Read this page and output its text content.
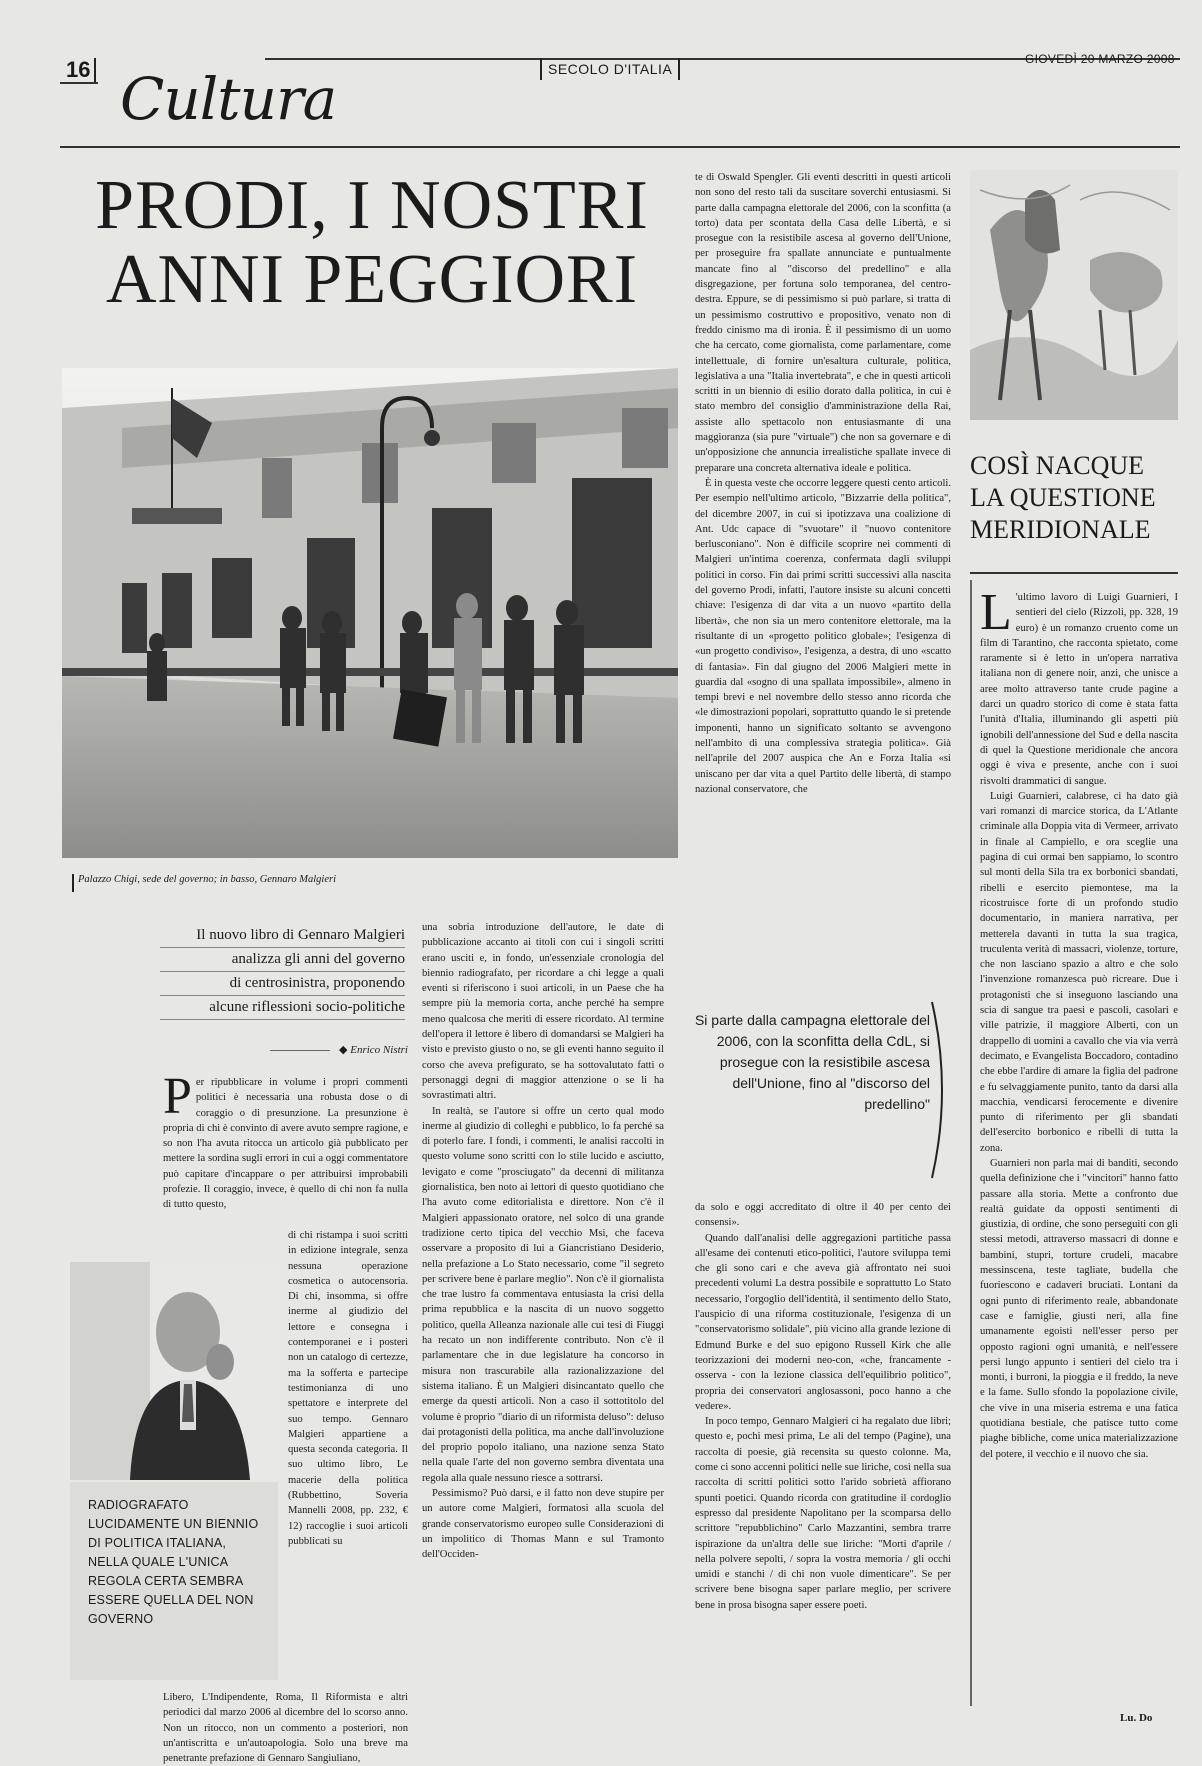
16 Cultura	SECOLO D'ITALIA
GIOVEDÌ 20 MARZO 2008
PRODI, I NOSTRI
ANNI PEGGIORI
Palazzo Chigi, sede del governo; in basso, Gennaro Malgieri
Il nuovo libro di Gennaro Malgieri
analizza gli anni del governo
di centrosinistra, proponendo
alcune riflessioni socio-politiche
◆ Enrico Nistri
P er ripubblicare in volume i propri commenti politici è necessaria una robusta dose o di coraggio o di presunzione. La presunzione è propria di chi è convinto di avere avuto sempre ragione, e so non l'ha avuta ritocca un articolo già pubblicato per mettere la sordina sugli errori in cui a oggi commentatore può capitare d'incappare o per attribuirsi improbabili profezie. Il coraggio, invece, è quello di chi non fa nulla di tutto questo,
di chi ristampa i suoi scritti in edizione integrale, senza nessuna operazione cosmetica o autocensoria. Di chi, insomma, si offre inerme al giudizio del lettore e consegna i contemporanei e i posteri non un catalogo di certezze, ma la sofferta e partecipe testimonianza di uno spettatore e interprete del suo tempo. Gennaro Malgieri appartiene a questa seconda categoria. Il suo ultimo libro, Le macerie della politica (Rubbettino, Soveria Mannelli 2008, pp. 232, € 12) raccoglie i suoi articoli pubblicati su
RADIOGRAFATO LUCIDAMENTE UN BIENNIO DI POLITICA ITALIANA, NELLA QUALE L'UNICA REGOLA CERTA SEMBRA ESSERE QUELLA DEL NON GOVERNO
Libero, L'Indipendente, Roma, Il Riformista e altri periodici dal marzo 2006 al dicembre del lo scorso anno. Non un ritocco, non un commento a posteriori, non un'antiscritta e un'autoapologia. Solo una breve ma penetrante prefazione di Gennaro Sangiuliano,

una sobria introduzione dell'autore, le date di pubblicazione accanto ai titoli con cui i singoli scritti erano usciti e, in fondo, un'essenziale cronologia del biennio radiografato, per ricordare a chi legge a quali eventi si riferiscono i suoi articoli, in un Paese che ha sempre più la memoria corta, anche perché ha sempre meno qualcosa che meriti di essere ricordato. Al termine dell'opera il lettore è libero di domandarsi se Malgieri ha visto e previsto giusto o no, se gli eventi hanno seguito il corso che aveva prefigurato, se ha sottovalutato fatti o personaggi degni di maggior attenzione o se li ha sovrastimati altri.

In realtà, se l'autore si offre un certo qual modo inerme al giudizio di colleghi e pubblico, lo fa perché sa di poterlo fare. I fondi, i commenti, le analisi raccolti in questo volume sono scritti con lo stile lucido e asciutto, levigato e come "prosciugato" da decenni di militanza giornalistica, ben noto ai lettori di questo quotidiano che l'ha avuto come editorialista e direttore. Non c'è il Malgieri appassionato oratore, nel solco di una grande tradizione certo tipica del vecchio Msi, che faceva osservare a proposito di lui a Giancristiano Desiderio, nella prefazione a Lo Stato necessario, come "il segreto per scrivere bene è parlare meglio". Non c'è il giornalista che trae lustro fa commentava entusiasta la crisi della prima repubblica e la nascita di un nuovo soggetto politico, quella Alleanza nazionale alle cui tesi di Fiuggi ha recato un non indifferente contributo. Non c'è il parlamentare che in due legislature ha concorso in misura non trascurabile alla razionalizzazione del sistema italiano. È un Malgieri disincantato quello che emerge da questi articoli. Non a caso il sottotitolo del volume è proprio "diario di un riformista deluso": deluso dai protagonisti della politica, ma anche dall'involuzione del proprio popolo italiano, una nazione senza Stato nella quale l'arte del non governo sembra diventata una regola alla quale nessuno riesce a sottrarsi.

Pessimismo? Può darsi, e il fatto non deve stupire per un autore come Malgieri, formatosi alla scuola del grande conservatorismo europeo sulle Considerazioni di un impolitico di Thomas Mann e sul Tramonto dell'Occiden-

te di Oswald Spengler. Gli eventi descritti in questi articoli non sono del resto tali da suscitare soverchi entusiasmi. Si parte dalla campagna elettorale del 2006, con la sconfitta (a torto) data per scontata della Casa delle Libertà, e si prosegue con la resistibile ascesa al governo dell'Unione, per proseguire fra spallate annunciate e puntualmente mancate fino al "discorso del predellino" e alla disgregazione, per fortuna solo temporanea, del centro-destra. Eppure, se di pessimismo si può parlare, si tratta di un pessimismo costruttivo e propositivo, venato non di freddo cinismo ma di ironia. È il pessimismo di un uomo che ha cercato, come giornalista, come parlamentare, come intellettuale, di fornire un'esaltura culturale, politica, legislativa a una "Italia invertebrata", e che in questi articoli scritti in un biennio di esilio dorato dalla politica, in cui è stato membro del consiglio d'amministrazione della Rai, assiste allo spettacolo non entusiasmante di una maggioranza (sia pure "virtuale") che non sa governare e di un'opposizione che annuncia irrealistiche spallate invece di preparare una concreta alternativa ideale e politica.

È in questa veste che occorre leggere questi cento articoli. Per esempio nell'ultimo articolo, "Bizzarrie della politica", del dicembre 2007, in cui si ipotizzava una coalizione di Ant. Udc capace di "svuotare" il "nuovo contenitore berlusconiano". Non è difficile scoprire nei commenti di Malgieri un'intima coerenza, confermata dagli sviluppi politici in corso. Fin dai primi scritti successivi alla nascita del governo Prodi, infatti, l'autore insiste su alcuni concetti chiave: l'esigenza di dar vita a un nuovo «partito della libertà», che non sia un mero contenitore elettorale, ma la risultante di un «progetto politico globale»; l'esigenza di «un progetto condiviso», l'esigenza, a destra, di uno «scatto di fantasia». Fin dal giugno del 2006 Malgieri mette in guardia dal «sogno di una spallata impossibile», almeno in tempi brevi e nel novembre dello stesso anno ricorda che «le dimostrazioni popolari, soprattutto quando le si pretende imponenti, hanno un significato soltanto se avvengono nell'ambito di una complessiva strategia politica». Già nell'aprile del 2007 auspica che An e Forza Italia «si uniscano per dar vita a quel Partito delle libertà, di stampo nazional conservatore, che

Si parte dalla campagna elettorale del 2006, con la sconfitta della CdL, si prosegue con la resistibile ascesa dell'Unione, fino al "discorso del predellino"

da solo e oggi accreditato di oltre il 40 per cento dei consensi».

Quando dall'analisi delle aggregazioni partitiche passa all'esame dei contenuti etico-politici, l'autore sviluppa temi che gli sono cari e che aveva già affrontato nei suoi precedenti volumi La destra possibile e soprattutto Lo Stato necessario, l'orgoglio dell'identità, il sentimento dello Stato, l'auspicio di una riforma costituzionale, l'esigenza di un "conservatorismo solidale", più vicino alla grande lezione di Edmund Burke e del suo epigono Russell Kirk che alle teorizzazioni dei moderni neo-con, «che, francamente - osserva - con la lezione classica dell'equilibrio politico", propria dei conservatori anglosassoni, poco hanno a che vedere».

In poco tempo, Gennaro Malgieri ci ha regalato due libri; questo e, pochi mesi prima, Le ali del tempo (Pagine), una raccolta di poesie, già recensita su questo colonne. Ma, come ci sono accenni politici nelle sue liriche, così nella sua raccolta di scritti politici sotto l'arido sobrietà affiorano spunti poetici. Quando ricorda con gratitudine il cordoglio espresso dal presidente Napolitano per la scomparsa dello scrittore "repubblichino" Carlo Mazzantini, sembra trarre ispirazione da un'altra delle sue liriche: "Morti d'aprile / nella polvere sepolti, / sopra la vostra memoria / gli occhi umidi e stanchi / di chi non vuole dimenticare". Se per scrivere bene bisogna saper parlare meglio, per scrivere bene in prosa bisogna saper essere poeti.

COSÌ NACQUE
LA QUESTIONE
MERIDIONALE

L 'ultimo lavoro di Luigi Guarnieri, I sentieri del cielo (Rizzoli, pp. 328, 19 euro) è un romanzo cruento come un film di Tarantino, che racconta spietato, come raramente si è letto in un'opera narrativa italiana non di genere noir, anzi, che unisce a aree molto attraverso tante crude pagine a darci un quadro storico di come è stata fatta l'unità d'Italia, illuminando gli aspetti più ignobili dell'annessione del Sud e della nascita di quel la Questione meridionale che ancora oggi è viva e presente, anche con i suoi risvolti drammatici di sangue.

Luigi Guarnieri, calabrese, ci ha dato già vari romanzi di marcice storica, da L'Atlante criminale alla Doppia vita di Vermeer, arrivato in finale al Campiello, e ora sceglie una pagina di cui ormai ben sappiamo, lo scontro sul monti della Sila tra ex borbonici sbandati, ribelli e esercito piemontese, ma la ricostruisce forte di un profondo studio documentario, in maniera narrativa, per metterela davanti in tutta la sua tragica, truculenta verità di massacri, violenze, torture, che non lasciano spazio a altro e che solo l'invenzione romanzesca può ricreare. Due i protagonisti che si inseguono lasciando una scia di sangue tra paesi e pascoli, casolari e ville patrizie, il maggiore Alberti, con un drappello di uomini a cavallo che via via verrà decimato, e Evangelista Boccadoro, contadino che ebbe l'ardire di amare la figlia del padrone e fu selvaggiamente punito, tanto da darsi alla macchia, vendicarsi ferocemente e divenire punto di riferimento per gli sbandati dell'esercito borbonico e ribelli di tutta la zona.

Guarnieri non parla mai di banditi, secondo quella definizione che i "vincitori" hanno fatto passare alla storia. Mette a confronto due realtà guidate da opposti sentimenti di giustizia, di ordine, che sono perseguiti con gli stessi metodi, attraverso massacri di donne e bambini, stupri, torture crudeli, macabre messinscena, teste tagliate, budella che fuoriescono e cadaveri bruciati. Lontani da ogni punto di riferimento reale, abbandonate case e famiglie, giusti neri, alla fine umanamente egoisti nell'esser perso per opposto ragioni ogni umanità, e nell'essere persi lungo appunto i sentieri del cielo tra i monti, i burroni, la pioggia e il freddo, la neve e la fame. Sullo sfondo la popolazione civile, che vive in una miseria estrema e una fatica quotidiana bestiale, che patisce tutto come piaghe bibliche, come unica materializzazione del potere, il vecchio e il nuovo che sia.

Lu. Do
